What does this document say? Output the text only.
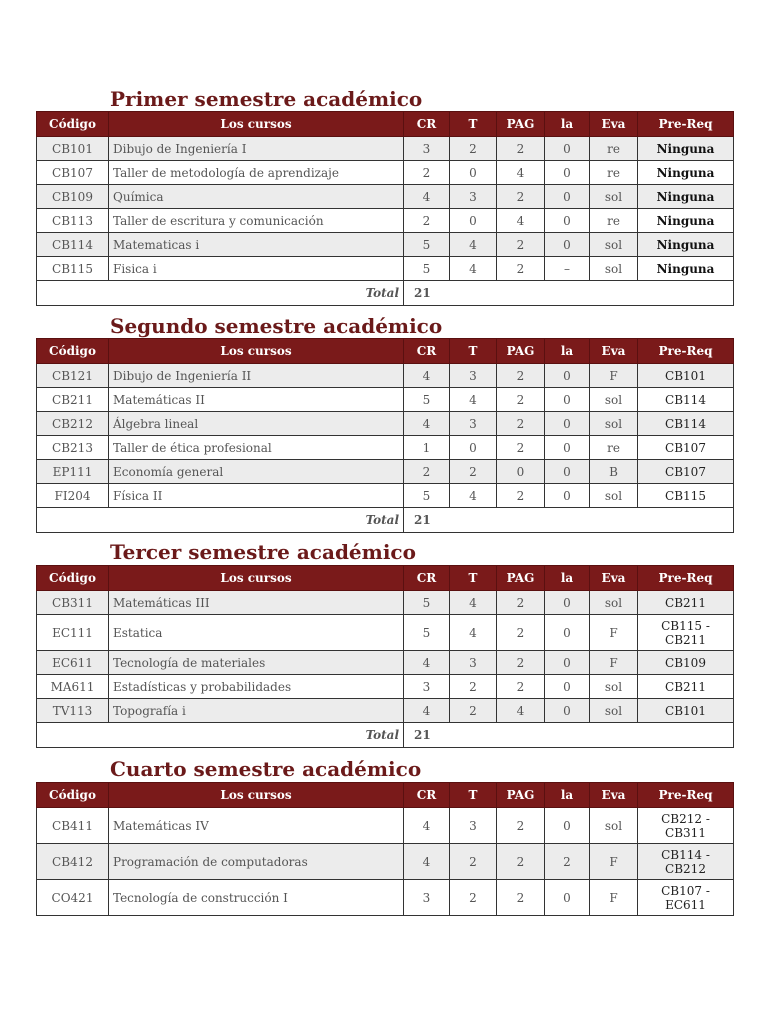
Primer semestre académico
Código	Los cursos	CR	T	PAG	la	Eva	Pre-Req
CB101	Dibujo de Ingeniería I	3	2	2	0	re	Ninguna
CB107	Taller de metodología de aprendizaje	2	0	4	0	re	Ninguna
CB109	Química	4	3	2	0	sol	Ninguna
CB113	Taller de escritura y comunicación	2	0	4	0	re	Ninguna
CB114	Matematicas i	5	4	2	0	sol	Ninguna
CB115	Fisica i	5	4	2	–	sol	Ninguna
Total		21					
Segundo semestre académico
Código	Los cursos	CR	T	PAG	la	Eva	Pre-Req
CB121	Dibujo de Ingeniería II	4	3	2	0	F	CB101
CB211	Matemáticas II	5	4	2	0	sol	CB114
CB212	Álgebra lineal	4	3	2	0	sol	CB114
CB213	Taller de ética profesional	1	0	2	0	re	CB107
EP111	Economía general	2	2	0	0	B	CB107
FI204	Física II	5	4	2	0	sol	CB115
Total		21					
Tercer semestre académico
Código	Los cursos	CR	T	PAG	la	Eva	Pre-Req
CB311	Matemáticas III	5	4	2	0	sol	CB211
EC111	Estatica	5	4	2	0	F	CB115 - CB211
EC611	Tecnología de materiales	4	3	2	0	F	CB109
MA611	Estadísticas y probabilidades	3	2	2	0	sol	CB211
TV113	Topografía i	4	2	4	0	sol	CB101
Total		21					
Cuarto semestre académico
Código	Los cursos	CR	T	PAG	la	Eva	Pre-Req
CB411	Matemáticas IV	4	3	2	0	sol	CB212 - CB311
CB412	Programación de computadoras	4	2	2	2	F	CB114 - CB212
CO421	Tecnología de construcción I	3	2	2	0	F	CB107 - EC611
